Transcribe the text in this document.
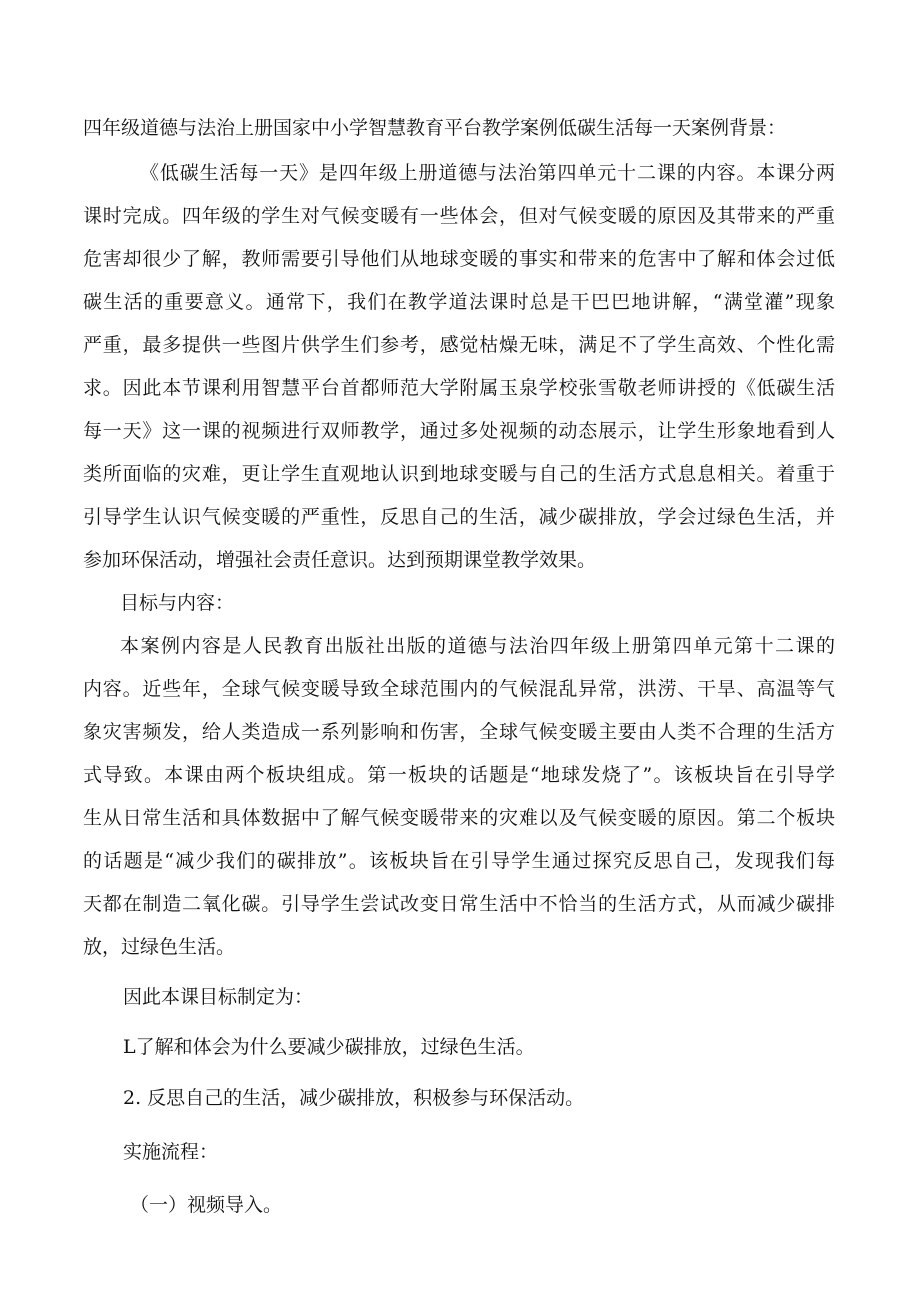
四年级道德与法治上册国家中小学智慧教育平台教学案例低碳生活每一天案例背景：

《低碳生活每一天》是四年级上册道德与法治第四单元十二课的内容。本课分两

课时完成。四年级的学生对气候变暖有一些体会，但对气候变暖的原因及其带来的严重

危害却很少了解，教师需要引导他们从地球变暖的事实和带来的危害中了解和体会过低

碳生活的重要意义。通常下，我们在教学道法课时总是干巴巴地讲解，“满堂灌”现象

严重，最多提供一些图片供学生们参考，感觉枯燥无味，满足不了学生高效、个性化需

求。因此本节课利用智慧平台首都师范大学附属玉泉学校张雪敬老师讲授的《低碳生活

每一天》这一课的视频进行双师教学，通过多处视频的动态展示，让学生形象地看到人

类所面临的灾难，更让学生直观地认识到地球变暖与自己的生活方式息息相关。着重于

引导学生认识气候变暖的严重性，反思自己的生活，减少碳排放，学会过绿色生活，并

参加环保活动，增强社会责任意识。达到预期课堂教学效果。

目标与内容：

本案例内容是人民教育出版社出版的道德与法治四年级上册第四单元第十二课的

内容。近些年，全球气候变暖导致全球范围内的气候混乱异常，洪涝、干旱、高温等气

象灾害频发，给人类造成一系列影响和伤害，全球气候变暖主要由人类不合理的生活方

式导致。本课由两个板块组成。第一板块的话题是“地球发烧了”。该板块旨在引导学

生从日常生活和具体数据中了解气候变暖带来的灾难以及气候变暖的原因。第二个板块

的话题是“减少我们的碳排放”。该板块旨在引导学生通过探究反思自己，发现我们每

天都在制造二氧化碳。引导学生尝试改变日常生活中不恰当的生活方式，从而减少碳排

放，过绿色生活。

因此本课目标制定为：

L了解和体会为什么要减少碳排放，过绿色生活。

2. 反思自己的生活，减少碳排放，积极参与环保活动。

实施流程：

（一）视频导入。
